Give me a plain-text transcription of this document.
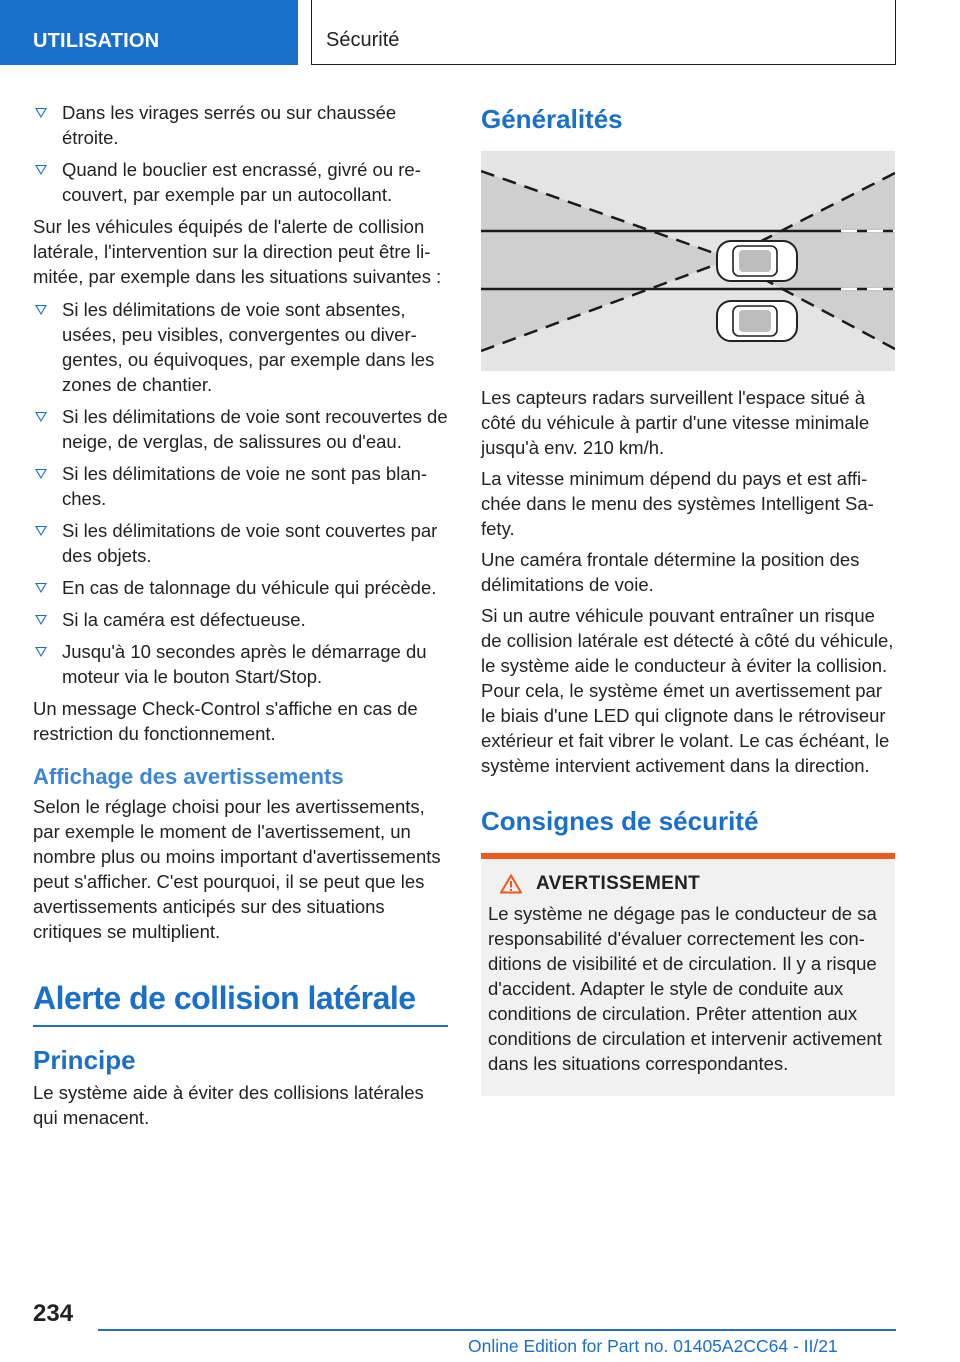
UTILISATION	Sécurité
Dans les virages serrés ou sur chaussée étroite.
Quand le bouclier est encrassé, givré ou recouvert, par exemple par un autocollant.

Sur les véhicules équipés de l'alerte de collision latérale, l'intervention sur la direction peut être limitée, par exemple dans les situations suivantes :

Si les délimitations de voie sont absentes, usées, peu visibles, convergentes ou divergentes, ou équivoques, par exemple dans les zones de chantier.
Si les délimitations de voie sont recouvertes de neige, de verglas, de salissures ou d'eau.
Si les délimitations de voie ne sont pas blanches.
Si les délimitations de voie sont couvertes par des objets.
En cas de talonnage du véhicule qui précède.
Si la caméra est défectueuse.
Jusqu'à 10 secondes après le démarrage du moteur via le bouton Start/Stop.

Un message Check-Control s'affiche en cas de restriction du fonctionnement.

Affichage des avertissements

Selon le réglage choisi pour les avertissements, par exemple le moment de l'avertissement, un nombre plus ou moins important d'avertissements peut s'afficher. C'est pourquoi, il se peut que les avertissements anticipés sur des situations critiques se multiplient.

Alerte de collision latérale
Principe

Le système aide à éviter des collisions latérales qui menacent.

Généralités

Les capteurs radars surveillent l'espace situé à côté du véhicule à partir d'une vitesse minimale jusqu'à env. 210 km/h.

La vitesse minimum dépend du pays et est affichée dans le menu des systèmes Intelligent Safety.

Une caméra frontale détermine la position des délimitations de voie.

Si un autre véhicule pouvant entraîner un risque de collision latérale est détecté à côté du véhicule, le système aide le conducteur à éviter la collision. Pour cela, le système émet un avertissement par le biais d'une LED qui clignote dans le rétroviseur extérieur et fait vibrer le volant. Le cas échéant, le système intervient activement dans la direction.

Consignes de sécurité
AVERTISSEMENT

Le système ne dégage pas le conducteur de sa responsabilité d'évaluer correctement les conditions de visibilité et de circulation. Il y a risque d'accident. Adapter le style de conduite aux conditions de circulation. Prêter attention aux conditions de circulation et intervenir activement dans les situations correspondantes.

234
Online Edition for Part no. 01405A2CC64 - II/21
